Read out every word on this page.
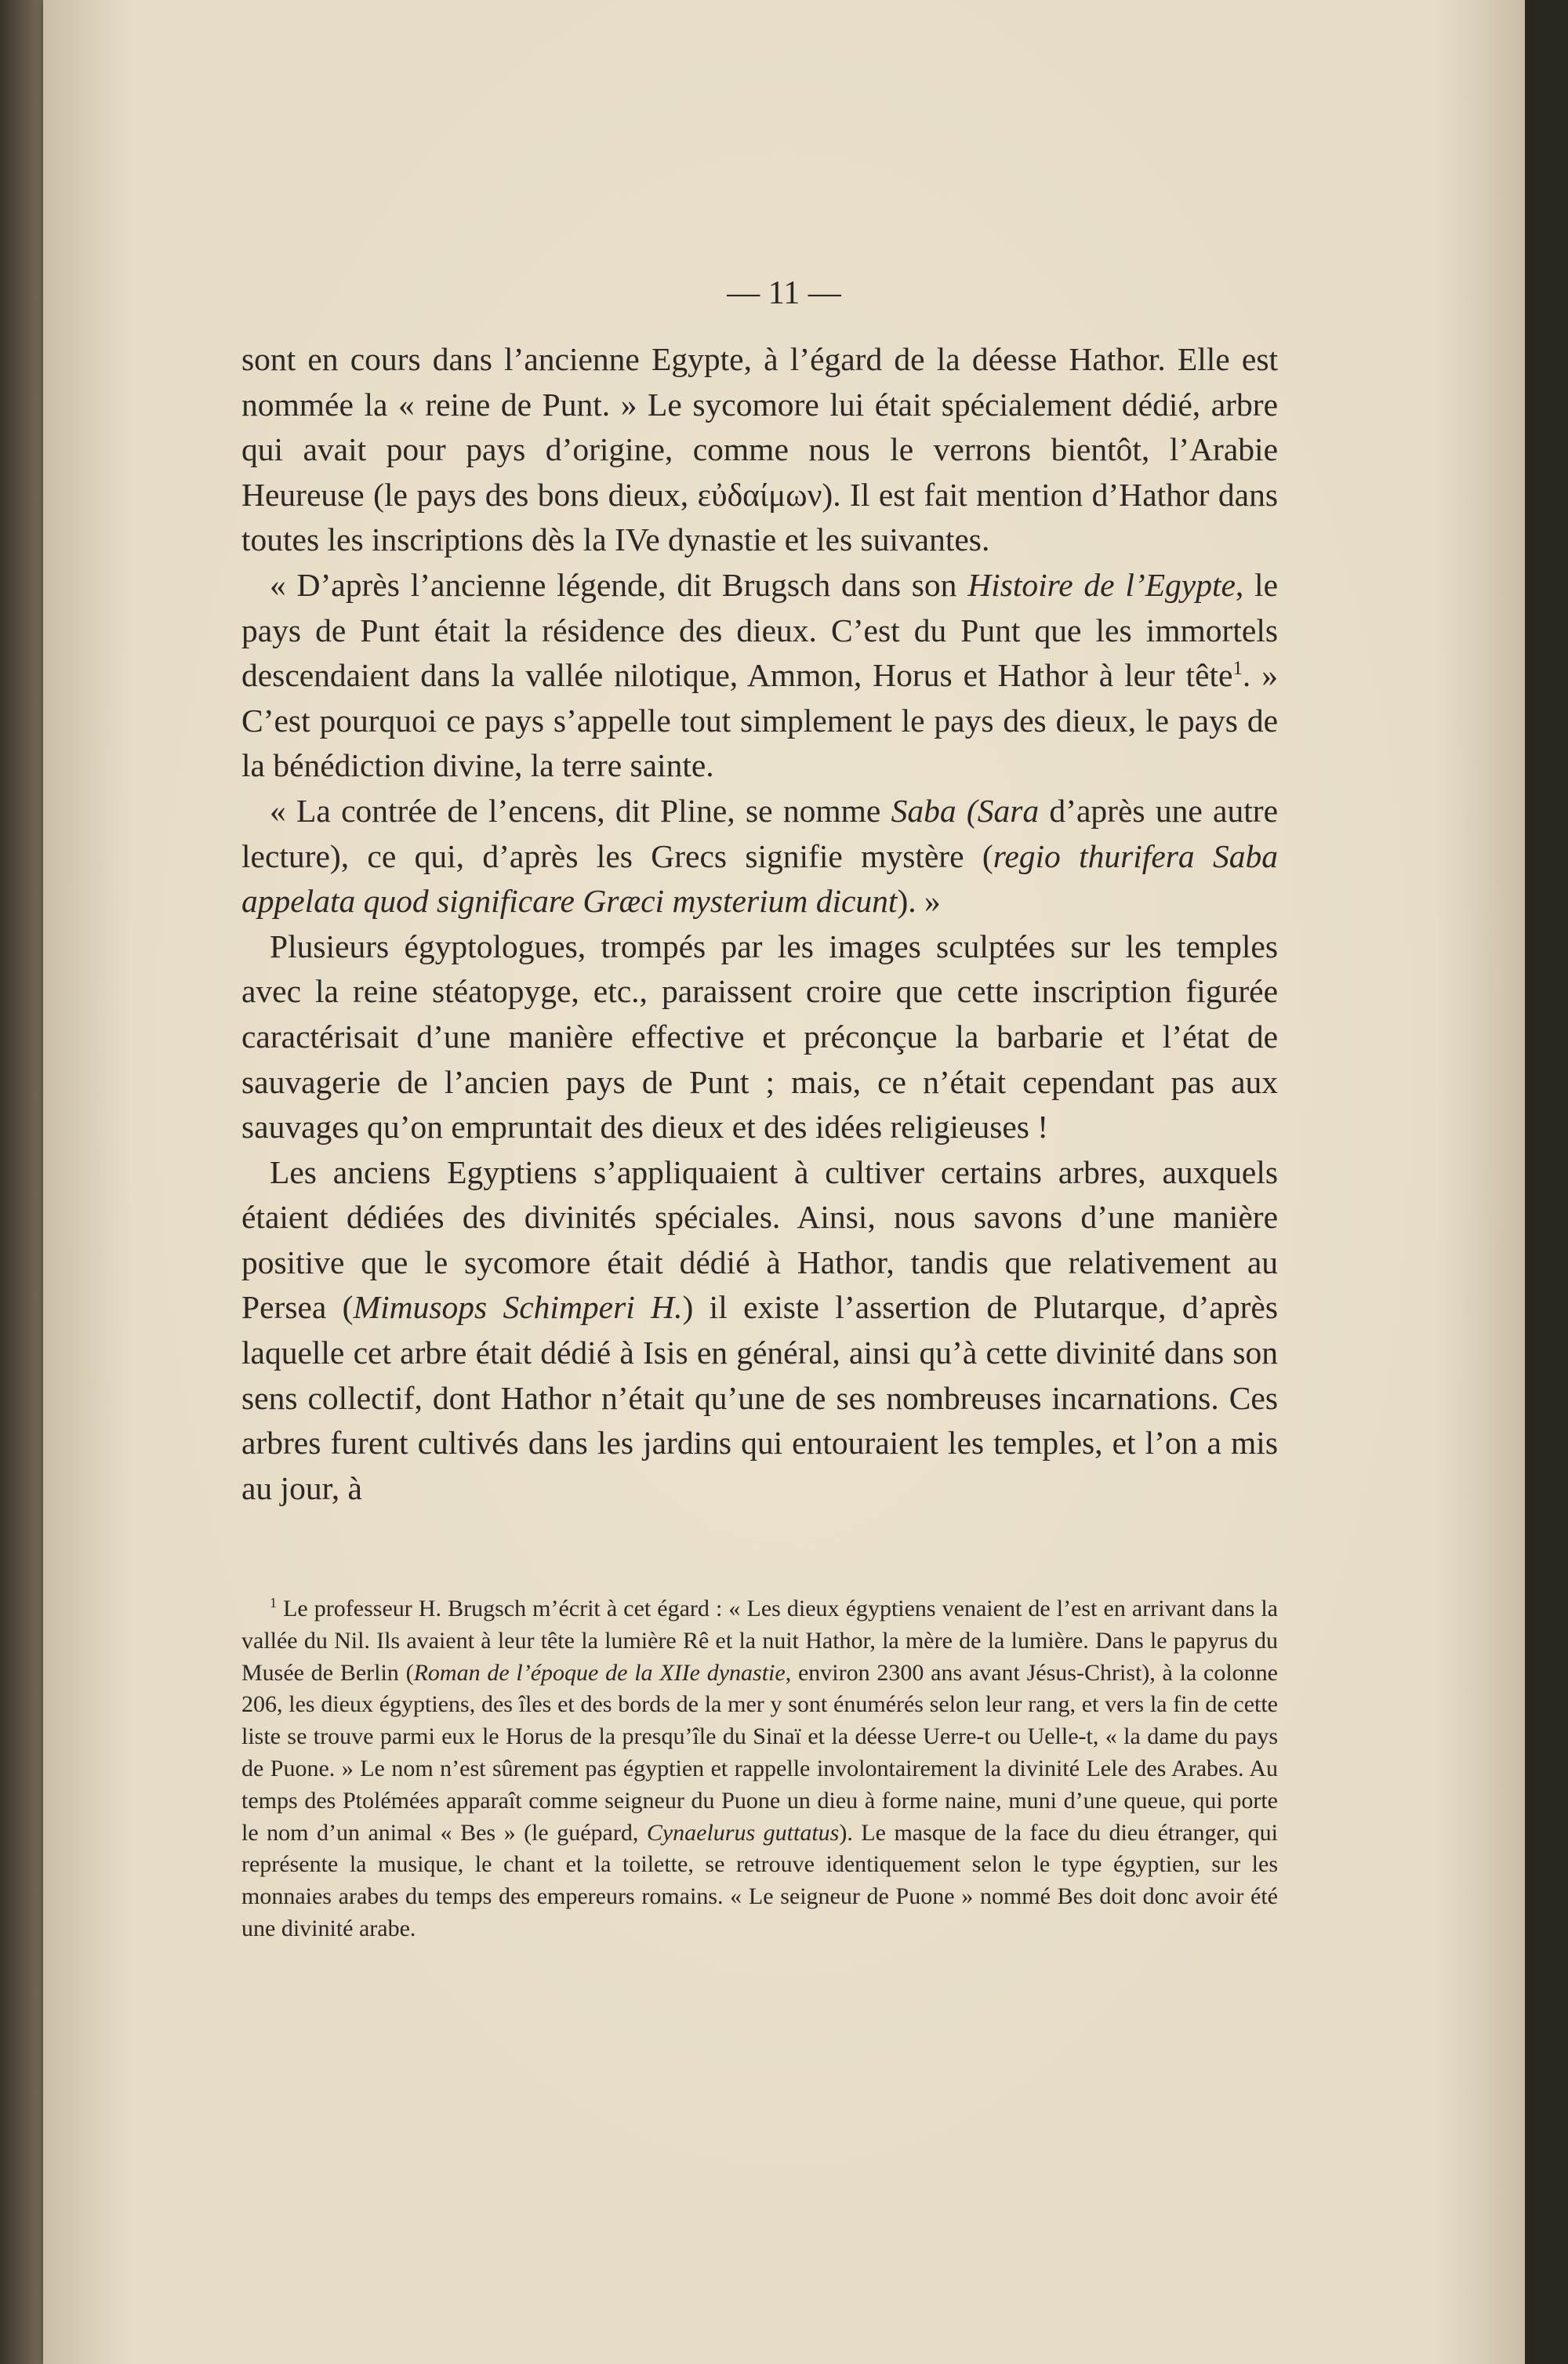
— 11 —

sont en cours dans l’ancienne Egypte, à l’égard de la déesse Hathor. Elle est nommée la « reine de Punt. » Le sycomore lui était spécialement dédié, arbre qui avait pour pays d’origine, comme nous le verrons bientôt, l’Arabie Heureuse (le pays des bons dieux, εὐδαίμων). Il est fait mention d’Hathor dans toutes les inscriptions dès la IVe dynastie et les suivantes.

« D’après l’ancienne légende, dit Brugsch dans son Histoire de l’Egypte, le pays de Punt était la résidence des dieux. C’est du Punt que les immortels descendaient dans la vallée nilotique, Ammon, Horus et Hathor à leur tête$^1$. » C’est pourquoi ce pays s’appelle tout simplement le pays des dieux, le pays de la bénédiction divine, la terre sainte.

« La contrée de l’encens, dit Pline, se nomme Saba (Sara d’après une autre lecture), ce qui, d’après les Grecs signifie mystère (regio thurifera Saba appelata quod significare Græci mysterium dicunt). »

Plusieurs égyptologues, trompés par les images sculptées sur les temples avec la reine stéatopyge, etc., paraissent croire que cette inscription figurée caractérisait d’une manière effective et préconçue la barbarie et l’état de sauvagerie de l’ancien pays de Punt ; mais, ce n’était cependant pas aux sauvages qu’on empruntait des dieux et des idées religieuses !

Les anciens Egyptiens s’appliquaient à cultiver certains arbres, auxquels étaient dédiées des divinités spéciales. Ainsi, nous savons d’une manière positive que le sycomore était dédié à Hathor, tandis que relativement au Persea (Mimusops Schimperi H.) il existe l’assertion de Plutarque, d’après laquelle cet arbre était dédié à Isis en général, ainsi qu’à cette divinité dans son sens collectif, dont Hathor n’était qu’une de ses nombreuses incarnations. Ces arbres furent cultivés dans les jardins qui entouraient les temples, et l’on a mis au jour, à

$^1$ Le professeur H. Brugsch m’écrit à cet égard : « Les dieux égyptiens venaient de l’est en arrivant dans la vallée du Nil. Ils avaient à leur tête la lumière Rê et la nuit Hathor, la mère de la lumière. Dans le papyrus du Musée de Berlin (Roman de l’époque de la XIIe dynastie, environ 2300 ans avant Jésus-Christ), à la colonne 206, les dieux égyptiens, des îles et des bords de la mer y sont énumérés selon leur rang, et vers la fin de cette liste se trouve parmi eux le Horus de la presqu’île du Sinaï et la déesse Uerre-t ou Uelle-t, « la dame du pays de Puone. » Le nom n’est sûrement pas égyptien et rappelle involontairement la divinité Lele des Arabes. Au temps des Ptolémées apparaît comme seigneur du Puone un dieu à forme naine, muni d’une queue, qui porte le nom d’un animal « Bes » (le guépard, Cynaelurus guttatus). Le masque de la face du dieu étranger, qui représente la musique, le chant et la toilette, se retrouve identiquement selon le type égyptien, sur les monnaies arabes du temps des empereurs romains. « Le seigneur de Puone » nommé Bes doit donc avoir été une divinité arabe.
